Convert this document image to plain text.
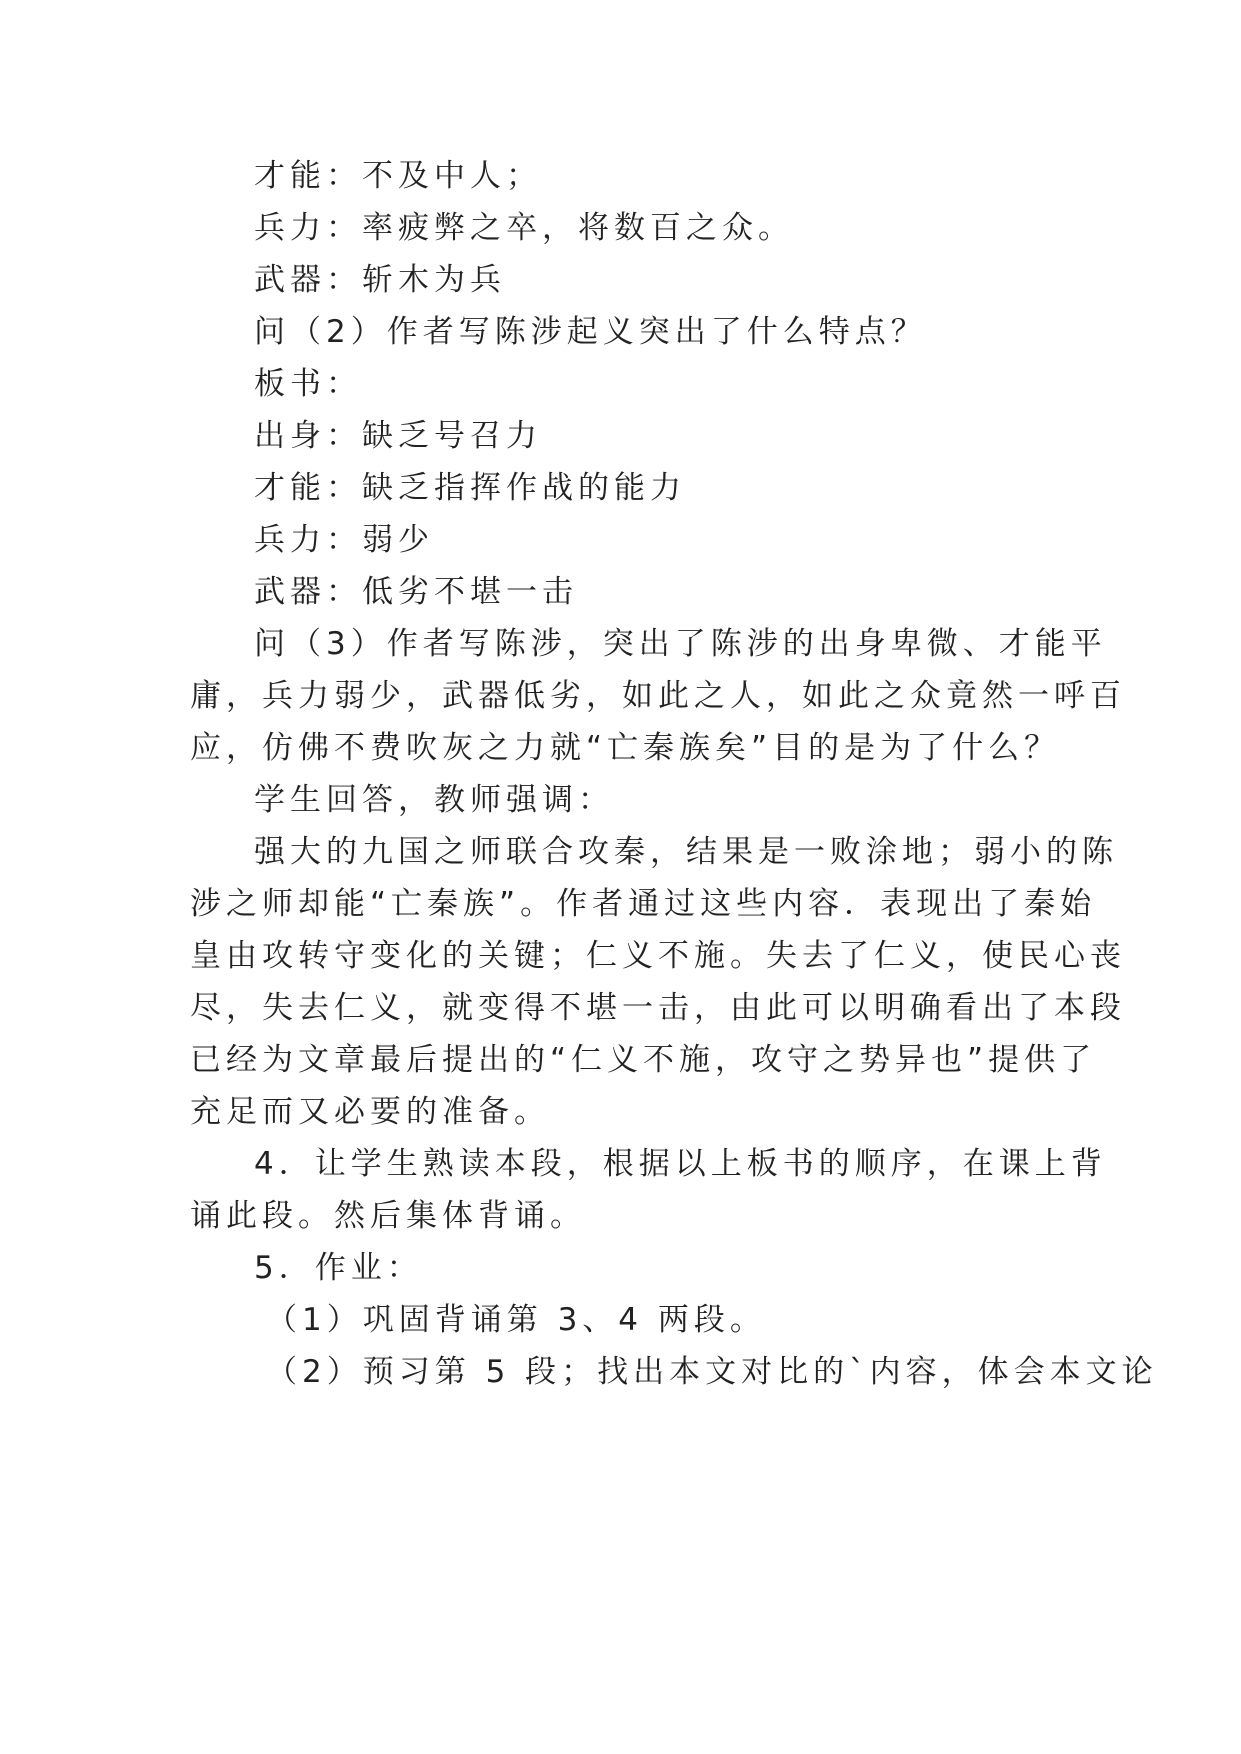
才能：不及中人；
兵力：率疲弊之卒，将数百之众。
武器：斩木为兵
问（2）作者写陈涉起义突出了什么特点？
板书：
出身：缺乏号召力
才能：缺乏指挥作战的能力
兵力：弱少
武器：低劣不堪一击
问（3）作者写陈涉，突出了陈涉的出身卑微、才能平
庸，兵力弱少，武器低劣，如此之人，如此之众竟然一呼百
应，仿佛不费吹灰之力就“亡秦族矣”目的是为了什么？
学生回答，教师强调：
强大的九国之师联合攻秦，结果是一败涂地；弱小的陈
涉之师却能“亡秦族”。作者通过这些内容．表现出了秦始
皇由攻转守变化的关键；仁义不施。失去了仁义，使民心丧
尽，失去仁义，就变得不堪一击，由此可以明确看出了本段
已经为文章最后提出的“仁义不施，攻守之势异也”提供了
充足而又必要的准备。
4．让学生熟读本段，根据以上板书的顺序，在课上背
诵此段。然后集体背诵。
5．作业：
（1）巩固背诵第 3、4 两段。
（2）预习第 5 段；找出本文对比的`内容，体会本文论
